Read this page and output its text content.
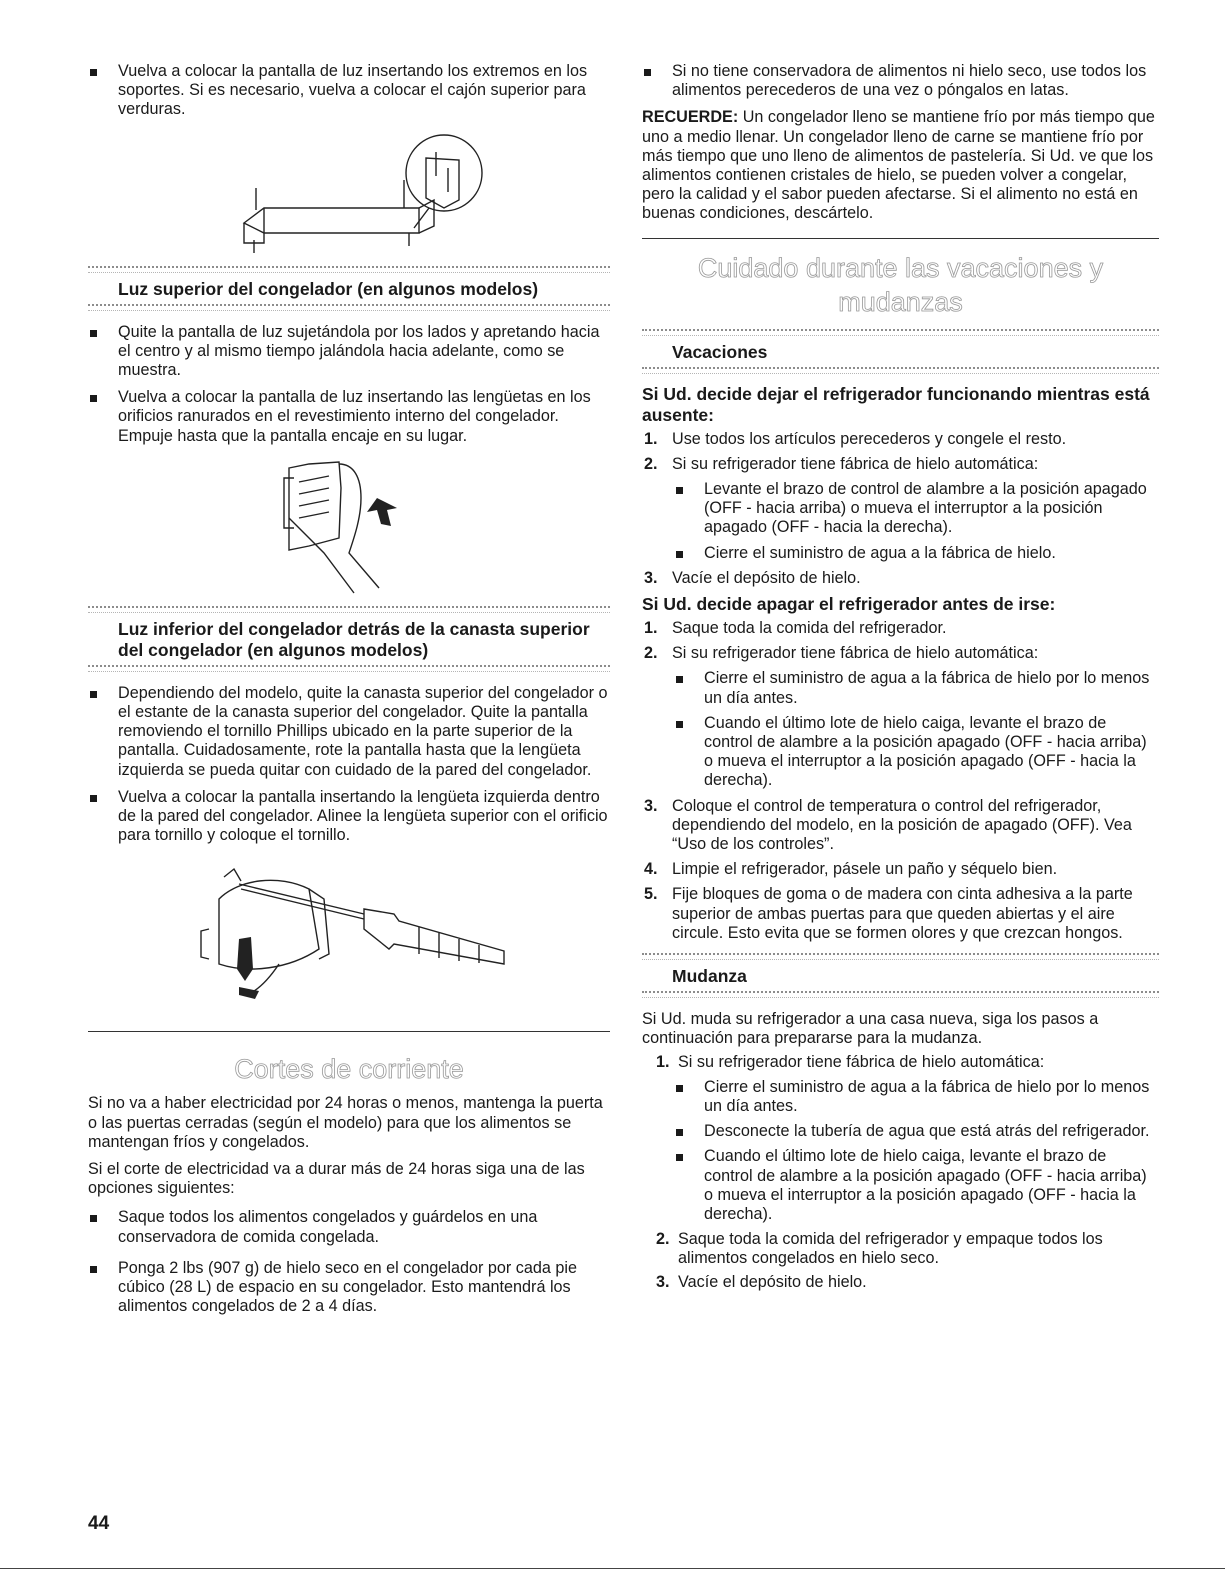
Vuelva a colocar la pantalla de luz insertando los extremos en los soportes. Si es necesario, vuelva a colocar el cajón superior para verduras.

Luz superior del congelador (en algunos modelos)

Quite la pantalla de luz sujetándola por los lados y apretando hacia el centro y al mismo tiempo jalándola hacia adelante, como se muestra.

Vuelva a colocar la pantalla de luz insertando las lengüetas en los orificios ranurados en el revestimiento interno del congelador. Empuje hasta que la pantalla encaje en su lugar.

Luz inferior del congelador detrás de la canasta superior del congelador (en algunos modelos)

Dependiendo del modelo, quite la canasta superior del congelador o el estante de la canasta superior del congelador. Quite la pantalla removiendo el tornillo Phillips ubicado en la parte superior de la pantalla. Cuidadosamente, rote la pantalla hasta que la lengüeta izquierda se pueda quitar con cuidado de la pared del congelador.

Vuelva a colocar la pantalla insertando la lengüeta izquierda dentro de la pared del congelador. Alinee la lengüeta superior con el orificio para tornillo y coloque el tornillo.

Cortes de corriente

Si no va a haber electricidad por 24 horas o menos, mantenga la puerta o las puertas cerradas (según el modelo) para que los alimentos se mantengan fríos y congelados.

Si el corte de electricidad va a durar más de 24 horas siga una de las opciones siguientes:

Saque todos los alimentos congelados y guárdelos en una conservadora de comida congelada.

Ponga 2 lbs (907 g) de hielo seco en el congelador por cada pie cúbico (28 L) de espacio en su congelador. Esto mantendrá los alimentos congelados de 2 a 4 días.

Si no tiene conservadora de alimentos ni hielo seco, use todos los alimentos perecederos de una vez o póngalos en latas.

RECUERDE: Un congelador lleno se mantiene frío por más tiempo que uno a medio llenar. Un congelador lleno de carne se mantiene frío por más tiempo que uno lleno de alimentos de pastelería. Si Ud. ve que los alimentos contienen cristales de hielo, se pueden volver a congelar, pero la calidad y el sabor pueden afectarse. Si el alimento no está en buenas condiciones, descártelo.

Cuidado durante las vacaciones y mudanzas

Vacaciones

Si Ud. decide dejar el refrigerador funcionando mientras está ausente:

1. Use todos los artículos perecederos y congele el resto.

2. Si su refrigerador tiene fábrica de hielo automática:

Levante el brazo de control de alambre a la posición apagado (OFF - hacia arriba) o mueva el interruptor a la posición apagado (OFF - hacia la derecha).

Cierre el suministro de agua a la fábrica de hielo.

3. Vacíe el depósito de hielo.

Si Ud. decide apagar el refrigerador antes de irse:

1. Saque toda la comida del refrigerador.

2. Si su refrigerador tiene fábrica de hielo automática:

Cierre el suministro de agua a la fábrica de hielo por lo menos un día antes.

Cuando el último lote de hielo caiga, levante el brazo de control de alambre a la posición apagado (OFF - hacia arriba) o mueva el interruptor a la posición apagado (OFF - hacia la derecha).

3. Coloque el control de temperatura o control del refrigerador, dependiendo del modelo, en la posición de apagado (OFF). Vea “Uso de los controles”.

4. Limpie el refrigerador, pásele un paño y séquelo bien.

5. Fije bloques de goma o de madera con cinta adhesiva a la parte superior de ambas puertas para que queden abiertas y el aire circule. Esto evita que se formen olores y que crezcan hongos.

Mudanza

Si Ud. muda su refrigerador a una casa nueva, siga los pasos a continuación para prepararse para la mudanza.

1. Si su refrigerador tiene fábrica de hielo automática:

Cierre el suministro de agua a la fábrica de hielo por lo menos un día antes.

Desconecte la tubería de agua que está atrás del refrigerador.

Cuando el último lote de hielo caiga, levante el brazo de control de alambre a la posición apagado (OFF - hacia arriba) o mueva el interruptor a la posición apagado (OFF - hacia la derecha).

2. Saque toda la comida del refrigerador y empaque todos los alimentos congelados en hielo seco.

3. Vacíe el depósito de hielo.

44
